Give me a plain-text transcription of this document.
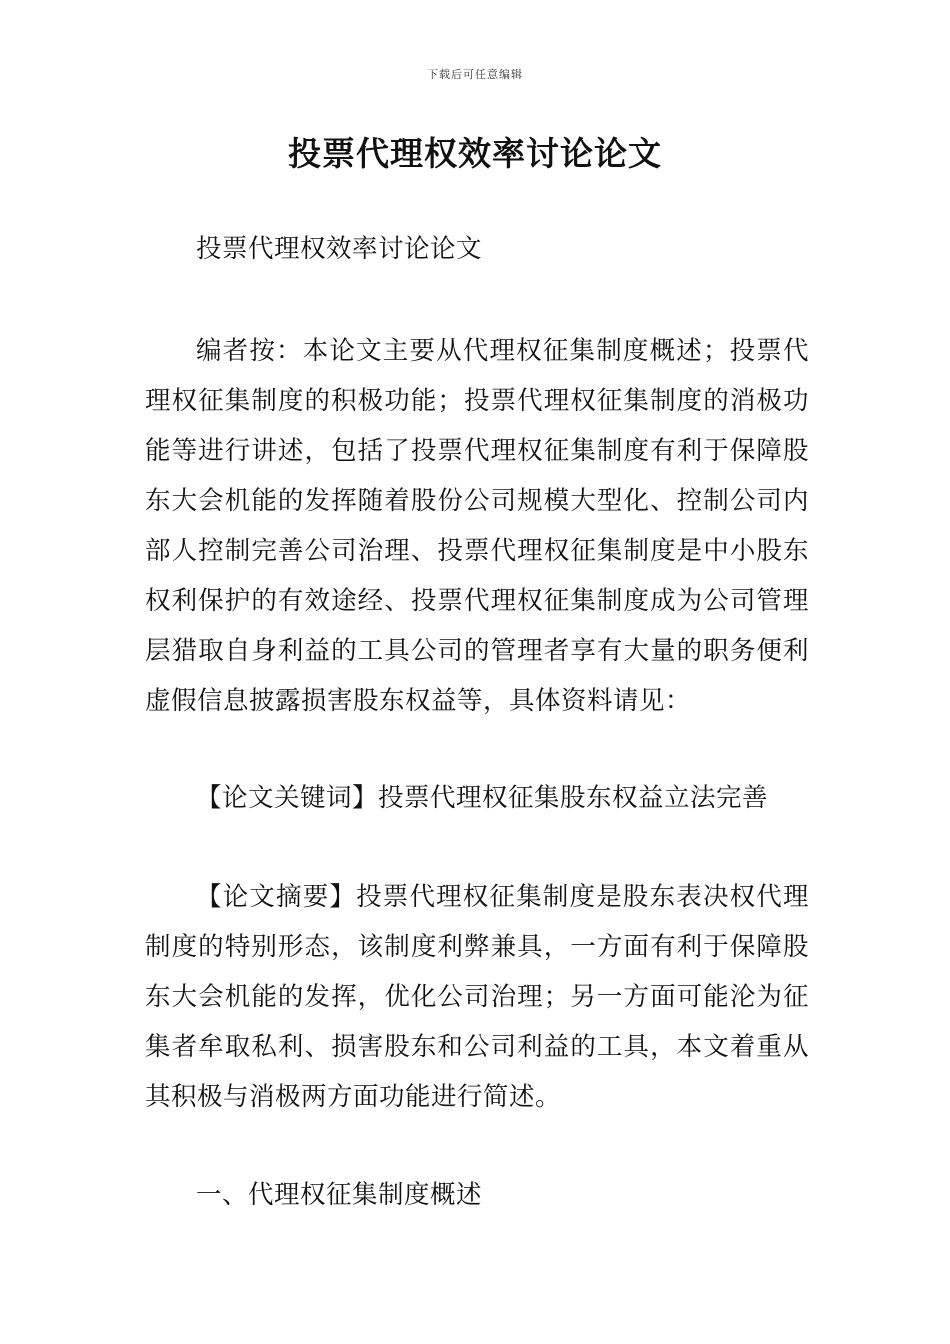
下载后可任意编辑
投票代理权效率讨论论文

投票代理权效率讨论论文

编者按：本论文主要从代理权征集制度概述；投票代理权征集制度的积极功能；投票代理权征集制度的消极功能等进行讲述，包括了投票代理权征集制度有利于保障股东大会机能的发挥随着股份公司规模大型化、控制公司内部人控制完善公司治理、投票代理权征集制度是中小股东权利保护的有效途经、投票代理权征集制度成为公司管理层猎取自身利益的工具公司的管理者享有大量的职务便利虚假信息披露损害股东权益等，具体资料请见：

【论文关键词】投票代理权征集股东权益立法完善

【论文摘要】投票代理权征集制度是股东表决权代理制度的特别形态，该制度利弊兼具，一方面有利于保障股东大会机能的发挥，优化公司治理；另一方面可能沦为征集者牟取私利、损害股东和公司利益的工具，本文着重从其积极与消极两方面功能进行简述。

一、代理权征集制度概述
